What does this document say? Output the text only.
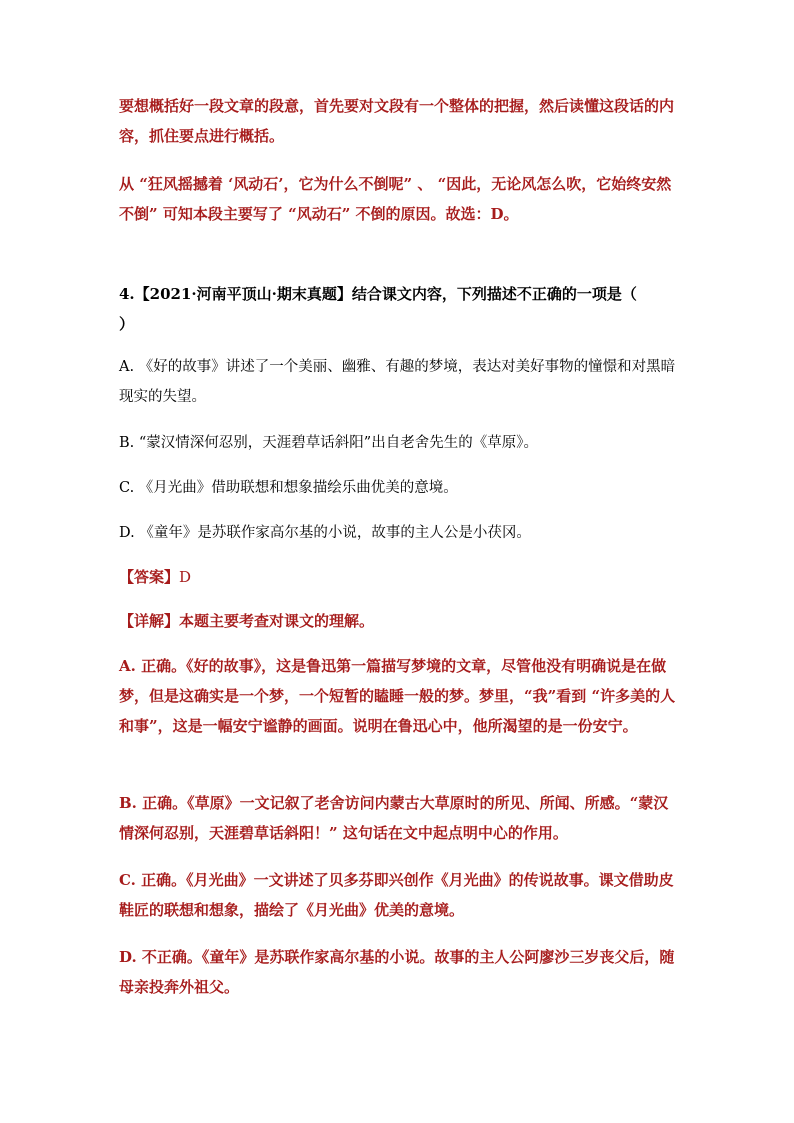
要想概括好一段文章的段意，首先要对文段有一个整体的把握，然后读懂这段话的内容，抓住要点进行概括。

从 “狂风摇撼着 ‘风动石’，它为什么不倒呢” 、 “因此，无论风怎么吹，它始终安然不倒” 可知本段主要写了 “风动石” 不倒的原因。故选：D。

4.【2021·河南平顶山·期末真题】结合课文内容，下列描述不正确的一项是（　　　　）

A. 《好的故事》讲述了一个美丽、幽雅、有趣的梦境，表达对美好事物的憧憬和对黑暗现实的失望。

B. “蒙汉情深何忍别，天涯碧草话斜阳”出自老舍先生的《草原》。

C. 《月光曲》借助联想和想象描绘乐曲优美的意境。

D. 《童年》是苏联作家高尔基的小说，故事的主人公是小茯冈。

【答案】D

【详解】本题主要考查对课文的理解。

A. 正确。《好的故事》，这是鲁迅第一篇描写梦境的文章，尽管他没有明确说是在做梦，但是这确实是一个梦，一个短暂的瞌睡一般的梦。梦里，“我”看到 “许多美的人和事”，这是一幅安宁谧静的画面。说明在鲁迅心中，他所渴望的是一份安宁。

B. 正确。《草原》一文记叙了老舍访问内蒙古大草原时的所见、所闻、所感。“蒙汉情深何忍别，天涯碧草话斜阳！” 这句话在文中起点明中心的作用。

C. 正确。《月光曲》一文讲述了贝多芬即兴创作《月光曲》的传说故事。课文借助皮鞋匠的联想和想象，描绘了《月光曲》优美的意境。

D. 不正确。《童年》是苏联作家高尔基的小说。故事的主人公阿廖沙三岁丧父后，随母亲投奔外祖父。
